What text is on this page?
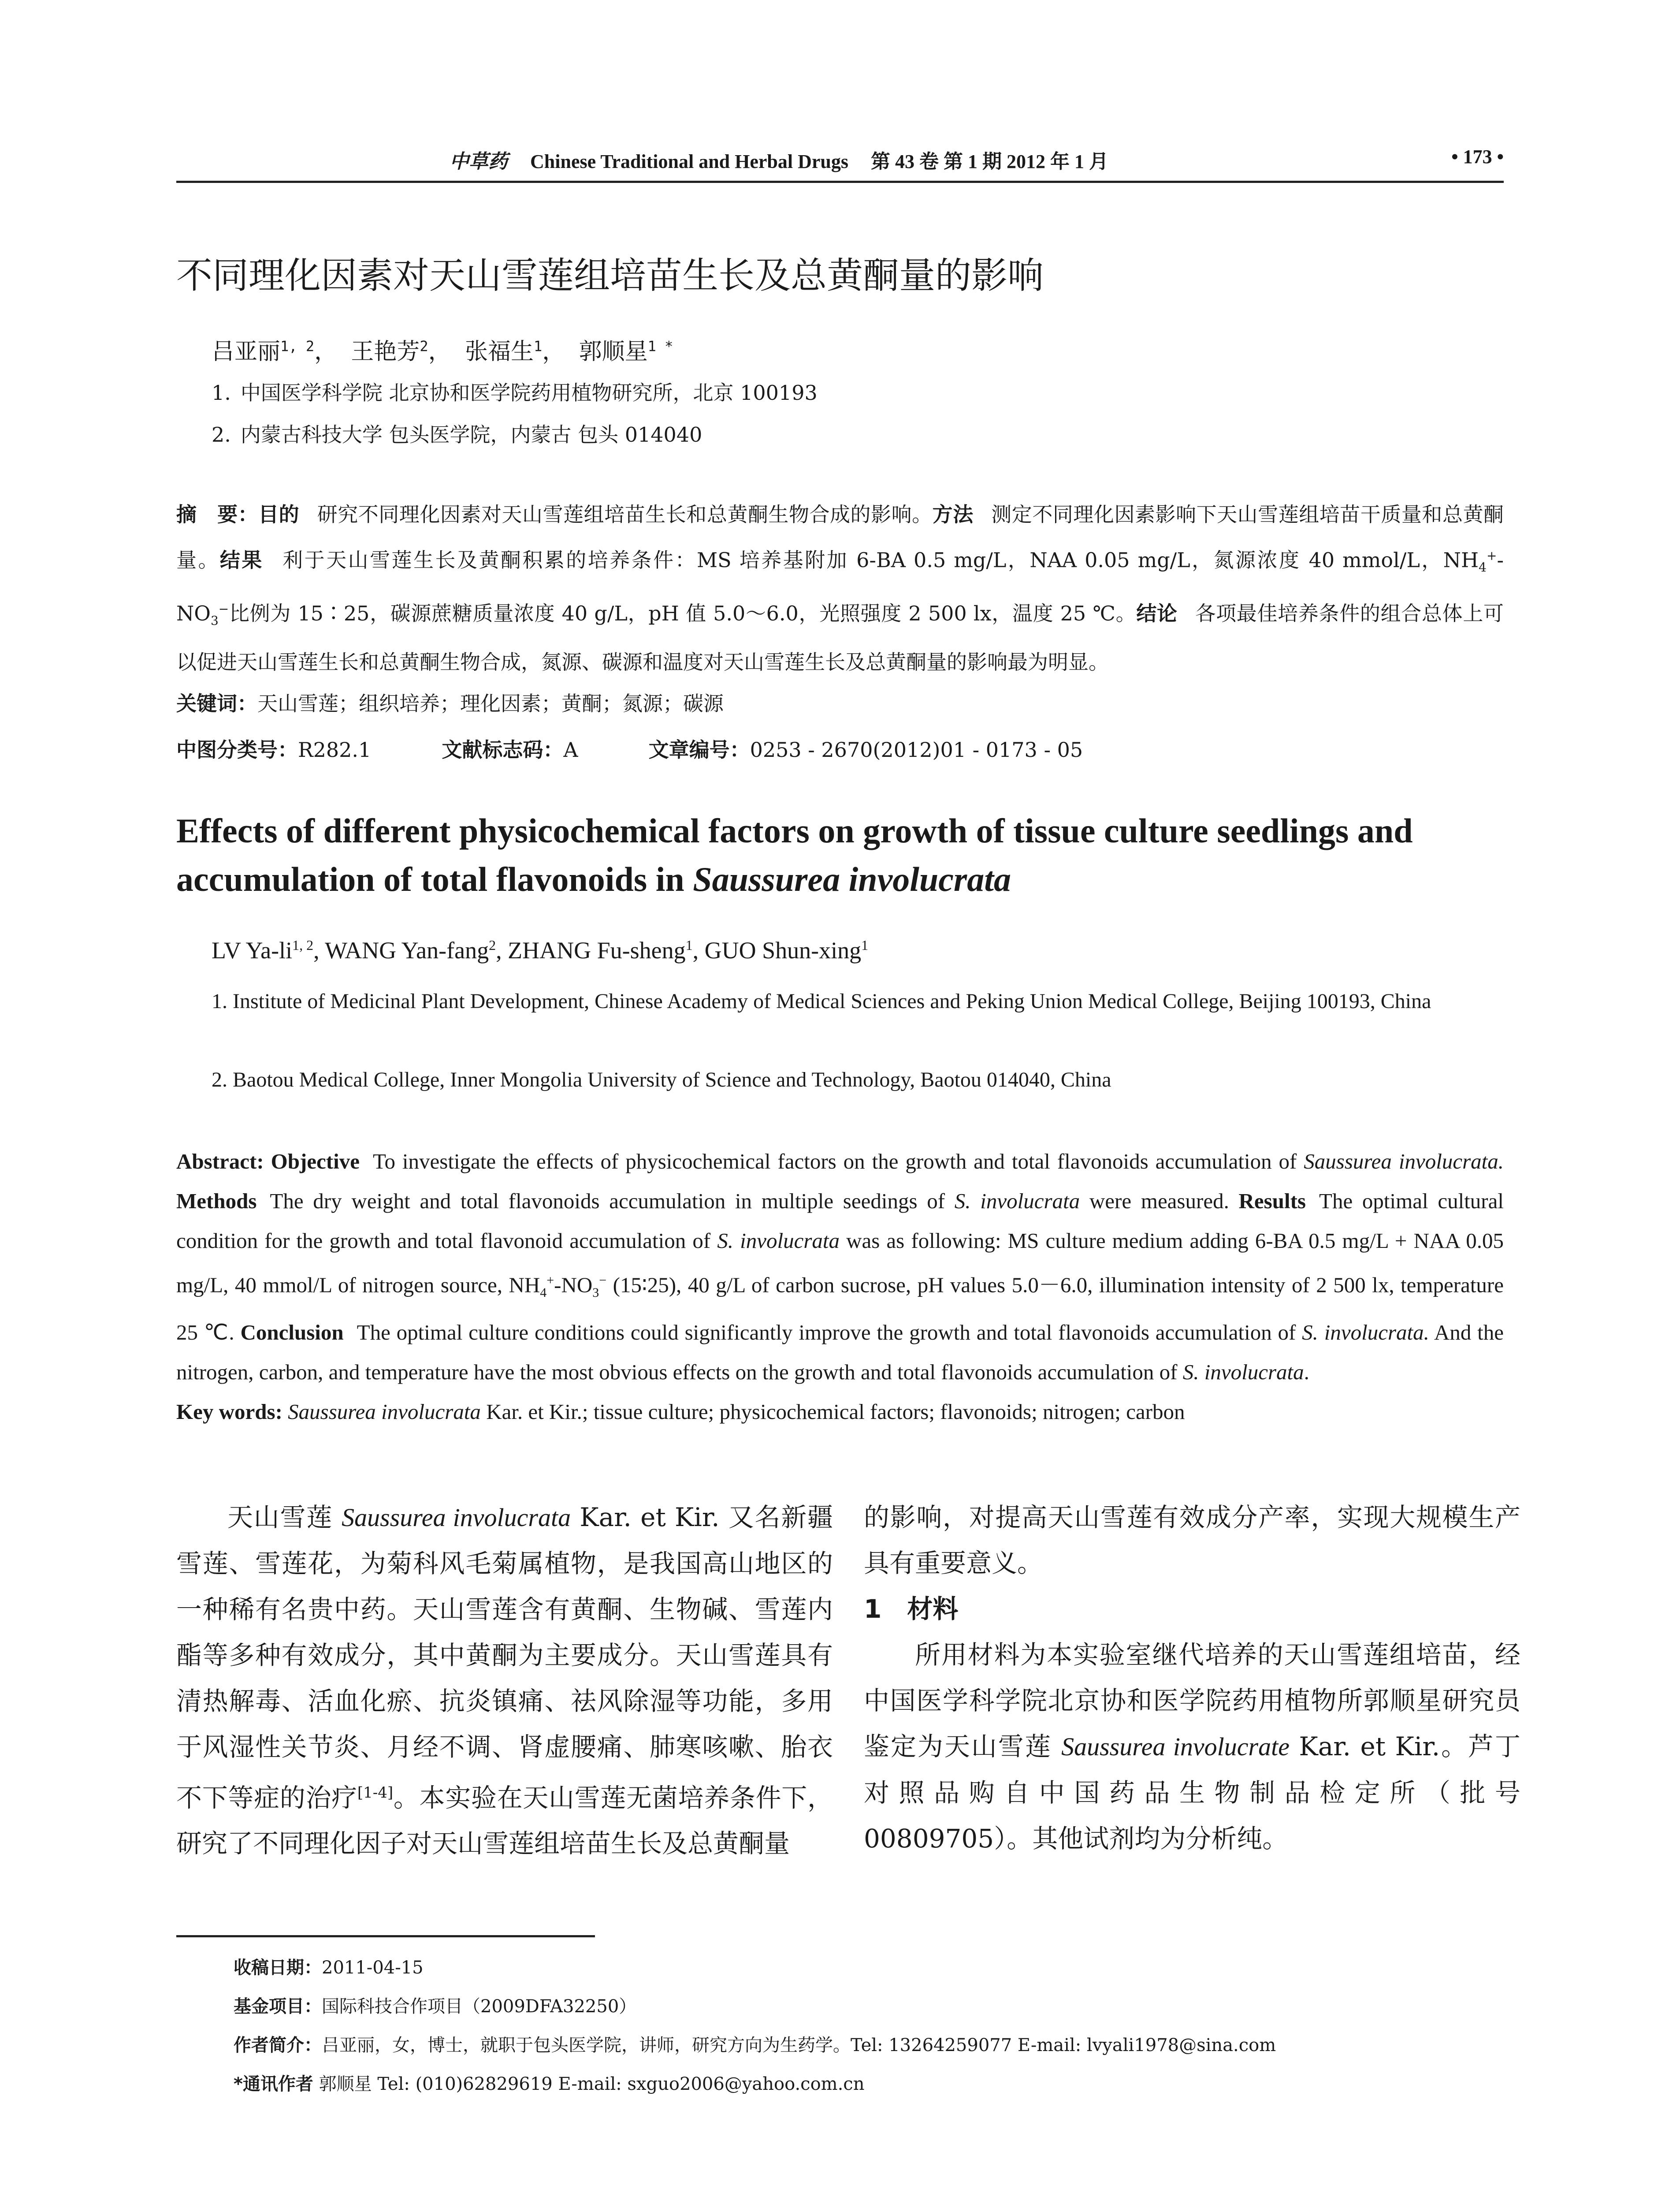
中草药 Chinese Traditional and Herbal Drugs 第 43 卷 第 1 期 2012 年 1 月	• 173 •
不同理化因素对天山雪莲组培苗生长及总黄酮量的影响
吕亚丽$^{1, 2}$， 王艳芳$^2$， 张福生$^1$， 郭顺星$^{1 *}$
1. 中国医学科学院 北京协和医学院药用植物研究所，北京 100193
2. 内蒙古科技大学 包头医学院，内蒙古 包头 014040
摘　要：目的 研究不同理化因素对天山雪莲组培苗生长和总黄酮生物合成的影响。方法 测定不同理化因素影响下天山雪莲组培苗干质量和总黄酮量。结果 利于天山雪莲生长及黄酮积累的培养条件：MS 培养基附加 6-BA 0.5 mg/L，NAA 0.05 mg/L，氮源浓度 40 mmol/L，$NH_4^+-NO_3^-$比例为 15∶25，碳源蔗糖质量浓度 40 g/L，pH 值 5.0～6.0，光照强度 2 500 lx，温度 25 ℃。结论 各项最佳培养条件的组合总体上可以促进天山雪莲生长和总黄酮生物合成，氮源、碳源和温度对天山雪莲生长及总黄酮量的影响最为明显。
关键词：天山雪莲；组织培养；理化因素；黄酮；氮源；碳源
中图分类号：R282.1	文献标志码：A	文章编号：0253 - 2670(2012)01 - 0173 - 05
Effects of different physicochemical factors on growth of tissue culture seedlings and accumulation of total flavonoids in Saussurea involucrata
LV Ya-li$^{1, 2}$, WANG Yan-fang$^2$, ZHANG Fu-sheng$^1$, GUO Shun-xing$^1$
1. Institute of Medicinal Plant Development, Chinese Academy of Medical Sciences and Peking Union Medical College, Beijing 100193, China
2. Baotou Medical College, Inner Mongolia University of Science and Technology, Baotou 014040, China
Abstract: Objective To investigate the effects of physicochemical factors on the growth and total flavonoids accumulation of Saussurea involucrata. Methods The dry weight and total flavonoids accumulation in multiple seedings of S. involucrata were measured. Results The optimal cultural condition for the growth and total flavonoid accumulation of S. involucrata was as following: MS culture medium adding 6-BA 0.5 mg/L + NAA 0.05 mg/L, 40 mmol/L of nitrogen source, $NH_4^+-NO_3^-$ (15∶25), 40 g/L of carbon sucrose, pH values 5.0－6.0, illumination intensity of 2 500 lx, temperature 25 ℃. Conclusion The optimal culture conditions could significantly improve the growth and total flavonoids accumulation of S. involucrata. And the nitrogen, carbon, and temperature have the most obvious effects on the growth and total flavonoids accumulation of S. involucrata.
Key words: Saussurea involucrata Kar. et Kir.; tissue culture; physicochemical factors; flavonoids; nitrogen; carbon

天山雪莲 Saussurea involucrata Kar. et Kir. 又名新疆雪莲、雪莲花，为菊科风毛菊属植物，是我国高山地区的一种稀有名贵中药。天山雪莲含有黄酮、生物碱、雪莲内酯等多种有效成分，其中黄酮为主要成分。天山雪莲具有清热解毒、活血化瘀、抗炎镇痛、祛风除湿等功能，多用于风湿性关节炎、月经不调、肾虚腰痛、肺寒咳嗽、胎衣不下等症的治疗[1-4]。本实验在天山雪莲无菌培养条件下，研究了不同理化因子对天山雪莲组培苗生长及总黄酮量

的影响，对提高天山雪莲有效成分产率，实现大规模生产具有重要意义。

1　 材料

所用材料为本实验室继代培养的天山雪莲组培苗，经中国医学科学院北京协和医学院药用植物所郭顺星研究员鉴定为天山雪莲 Saussurea involucrate Kar. et Kir.。芦丁对照品购自中国药品生物制品检定所（批号 00809705）。其他试剂均为分析纯。

收稿日期：2011-04-15
基金项目：国际科技合作项目（2009DFA32250）
作者简介：吕亚丽，女，博士，就职于包头医学院，讲师，研究方向为生药学。Tel: 13264259077 E-mail: lvyali1978@sina.com
*通讯作者 郭顺星 Tel: (010)62829619 E-mail: sxguo2006@yahoo.com.cn
